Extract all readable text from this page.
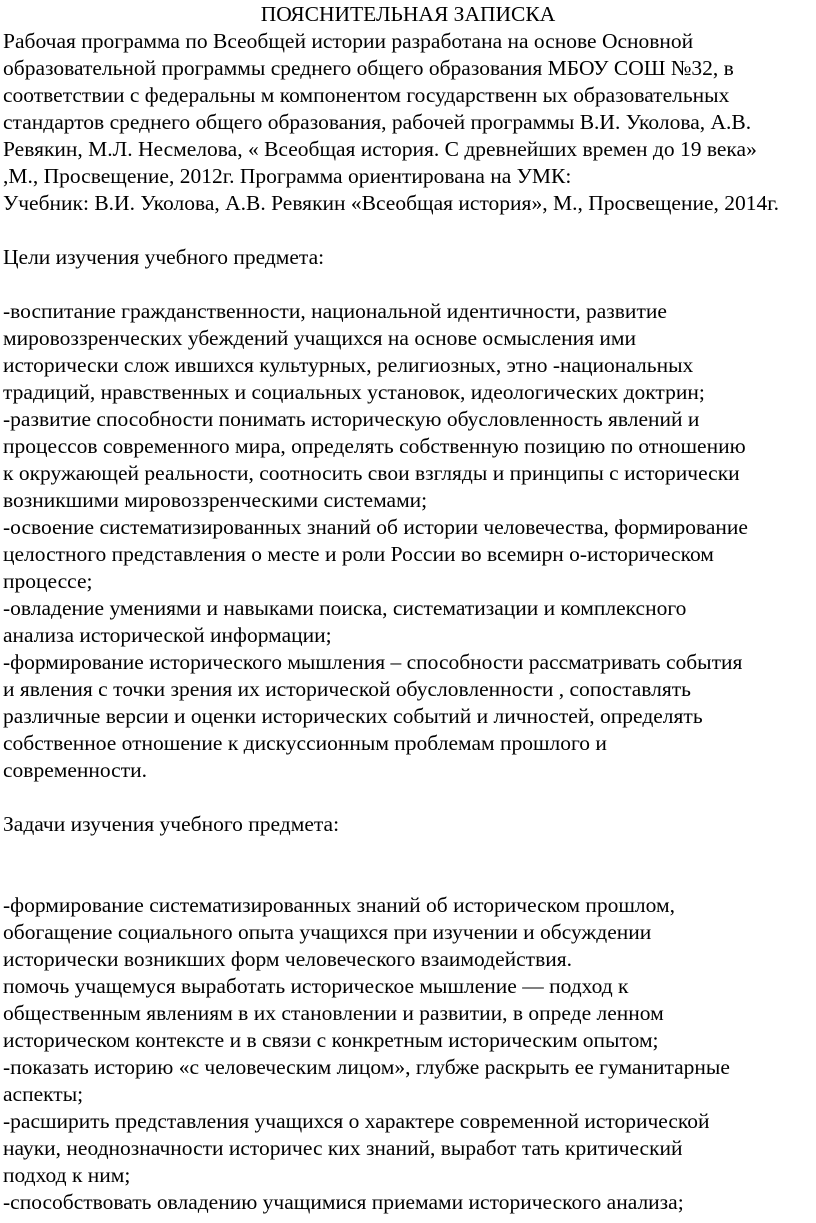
ПОЯСНИТЕЛЬНАЯ ЗАПИСКА
Рабочая программа по Всеобщей истории разработана на основе Основной
образовательной программы среднего общего образования МБОУ СОШ №32, в
соответствии с федеральны м компонентом государственн ых образовательных
стандартов среднего общего образования, рабочей программы В.И. Уколова, А.В.
Ревякин, М.Л. Несмелова, « Всеобщая история. С древнейших времен до 19 века»
,М., Просвещение, 2012г. Программа ориентирована на УМК:
Учебник: В.И. Уколова, А.В. Ревякин «Всеобщая история», М., Просвещение, 2014г.
Цели изучения учебного предмета:
-воспитание гражданственности, национальной идентичности, развитие
мировоззренческих убеждений учащихся на основе осмысления ими
исторически слож ившихся культурных, религиозных, этно -национальных
традиций, нравственных и социальных установок, идеологических доктрин;
-развитие способности понимать историческую обусловленность явлений и
процессов современного мира, определять собственную позицию по отношению
к окружающей реальности, соотносить свои взгляды и принципы с исторически
возникшими мировоззренческими системами;
-освоение систематизированных знаний об истории человечества, формирование
целостного представления о месте и роли России во всемирн о-историческом
процессе;
-овладение умениями и навыками поиска, систематизации и комплексного
анализа исторической информации;
-формирование исторического мышления – способности рассматривать события
и явления с точки зрения их исторической обусловленности , сопоставлять
различные версии и оценки исторических событий и личностей, определять
собственное отношение к дискуссионным проблемам прошлого и
современности.
Задачи изучения учебного предмета:
-формирование систематизированных знаний об историческом прошлом,
обогащение социального опыта учащихся при изучении и обсуждении
исторически возникших форм человеческого взаимодействия.
помочь учащемуся выработать историческое мышление — подход к
общественным явлениям в их становлении и развитии, в опреде ленном
историческом контексте и в связи с конкретным историческим опытом;
-показать историю «с человеческим лицом», глубже раскрыть ее гуманитарные
аспекты;
-расширить представления учащихся о характере современной исторической
науки, неоднозначности историчес ких знаний, выработ тать критический
подход к ним;
-способствовать овладению учащимися приемами исторического анализа;
